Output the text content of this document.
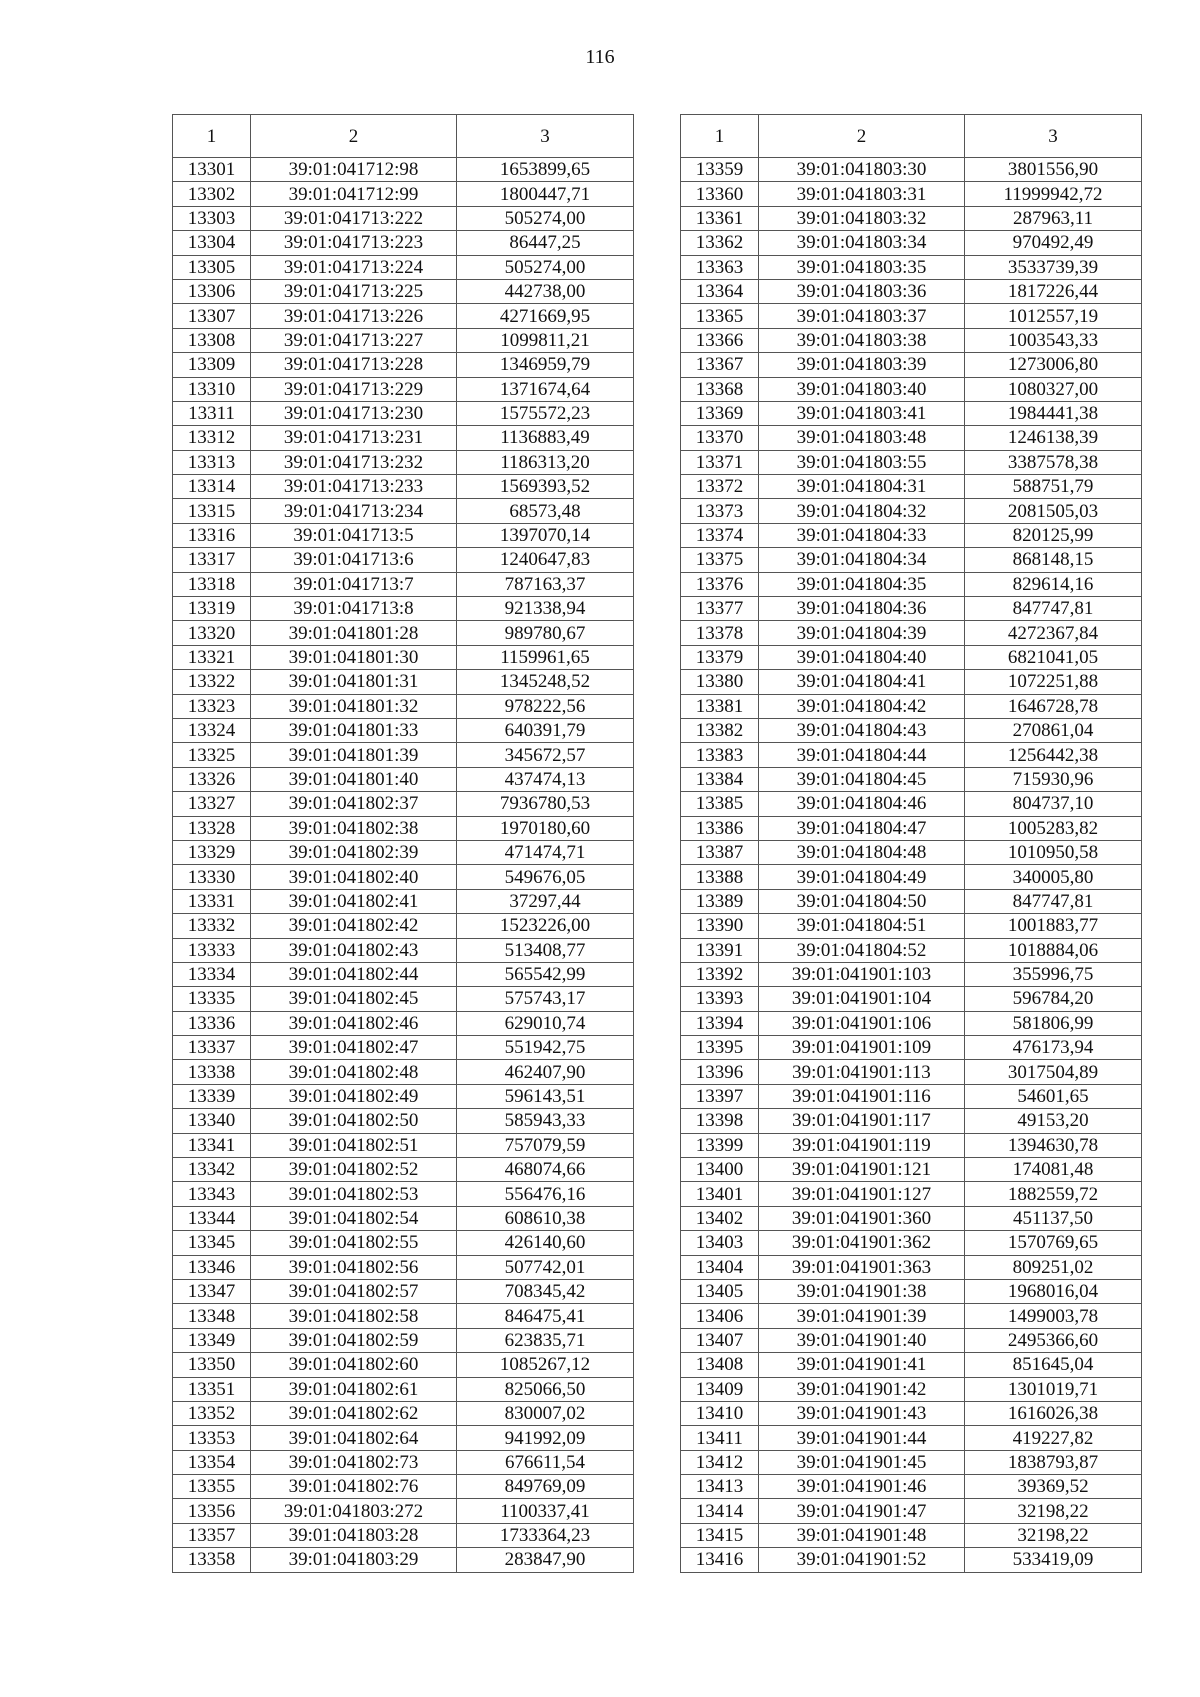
116
1	2	3
13301	39:01:041712:98	1653899,65
13302	39:01:041712:99	1800447,71
13303	39:01:041713:222	505274,00
13304	39:01:041713:223	86447,25
13305	39:01:041713:224	505274,00
13306	39:01:041713:225	442738,00
13307	39:01:041713:226	4271669,95
13308	39:01:041713:227	1099811,21
13309	39:01:041713:228	1346959,79
13310	39:01:041713:229	1371674,64
13311	39:01:041713:230	1575572,23
13312	39:01:041713:231	1136883,49
13313	39:01:041713:232	1186313,20
13314	39:01:041713:233	1569393,52
13315	39:01:041713:234	68573,48
13316	39:01:041713:5	1397070,14
13317	39:01:041713:6	1240647,83
13318	39:01:041713:7	787163,37
13319	39:01:041713:8	921338,94
13320	39:01:041801:28	989780,67
13321	39:01:041801:30	1159961,65
13322	39:01:041801:31	1345248,52
13323	39:01:041801:32	978222,56
13324	39:01:041801:33	640391,79
13325	39:01:041801:39	345672,57
13326	39:01:041801:40	437474,13
13327	39:01:041802:37	7936780,53
13328	39:01:041802:38	1970180,60
13329	39:01:041802:39	471474,71
13330	39:01:041802:40	549676,05
13331	39:01:041802:41	37297,44
13332	39:01:041802:42	1523226,00
13333	39:01:041802:43	513408,77
13334	39:01:041802:44	565542,99
13335	39:01:041802:45	575743,17
13336	39:01:041802:46	629010,74
13337	39:01:041802:47	551942,75
13338	39:01:041802:48	462407,90
13339	39:01:041802:49	596143,51
13340	39:01:041802:50	585943,33
13341	39:01:041802:51	757079,59
13342	39:01:041802:52	468074,66
13343	39:01:041802:53	556476,16
13344	39:01:041802:54	608610,38
13345	39:01:041802:55	426140,60
13346	39:01:041802:56	507742,01
13347	39:01:041802:57	708345,42
13348	39:01:041802:58	846475,41
13349	39:01:041802:59	623835,71
13350	39:01:041802:60	1085267,12
13351	39:01:041802:61	825066,50
13352	39:01:041802:62	830007,02
13353	39:01:041802:64	941992,09
13354	39:01:041802:73	676611,54
13355	39:01:041802:76	849769,09
13356	39:01:041803:272	1100337,41
13357	39:01:041803:28	1733364,23
13358	39:01:041803:29	283847,90
1	2	3
13359	39:01:041803:30	3801556,90
13360	39:01:041803:31	11999942,72
13361	39:01:041803:32	287963,11
13362	39:01:041803:34	970492,49
13363	39:01:041803:35	3533739,39
13364	39:01:041803:36	1817226,44
13365	39:01:041803:37	1012557,19
13366	39:01:041803:38	1003543,33
13367	39:01:041803:39	1273006,80
13368	39:01:041803:40	1080327,00
13369	39:01:041803:41	1984441,38
13370	39:01:041803:48	1246138,39
13371	39:01:041803:55	3387578,38
13372	39:01:041804:31	588751,79
13373	39:01:041804:32	2081505,03
13374	39:01:041804:33	820125,99
13375	39:01:041804:34	868148,15
13376	39:01:041804:35	829614,16
13377	39:01:041804:36	847747,81
13378	39:01:041804:39	4272367,84
13379	39:01:041804:40	6821041,05
13380	39:01:041804:41	1072251,88
13381	39:01:041804:42	1646728,78
13382	39:01:041804:43	270861,04
13383	39:01:041804:44	1256442,38
13384	39:01:041804:45	715930,96
13385	39:01:041804:46	804737,10
13386	39:01:041804:47	1005283,82
13387	39:01:041804:48	1010950,58
13388	39:01:041804:49	340005,80
13389	39:01:041804:50	847747,81
13390	39:01:041804:51	1001883,77
13391	39:01:041804:52	1018884,06
13392	39:01:041901:103	355996,75
13393	39:01:041901:104	596784,20
13394	39:01:041901:106	581806,99
13395	39:01:041901:109	476173,94
13396	39:01:041901:113	3017504,89
13397	39:01:041901:116	54601,65
13398	39:01:041901:117	49153,20
13399	39:01:041901:119	1394630,78
13400	39:01:041901:121	174081,48
13401	39:01:041901:127	1882559,72
13402	39:01:041901:360	451137,50
13403	39:01:041901:362	1570769,65
13404	39:01:041901:363	809251,02
13405	39:01:041901:38	1968016,04
13406	39:01:041901:39	1499003,78
13407	39:01:041901:40	2495366,60
13408	39:01:041901:41	851645,04
13409	39:01:041901:42	1301019,71
13410	39:01:041901:43	1616026,38
13411	39:01:041901:44	419227,82
13412	39:01:041901:45	1838793,87
13413	39:01:041901:46	39369,52
13414	39:01:041901:47	32198,22
13415	39:01:041901:48	32198,22
13416	39:01:041901:52	533419,09
